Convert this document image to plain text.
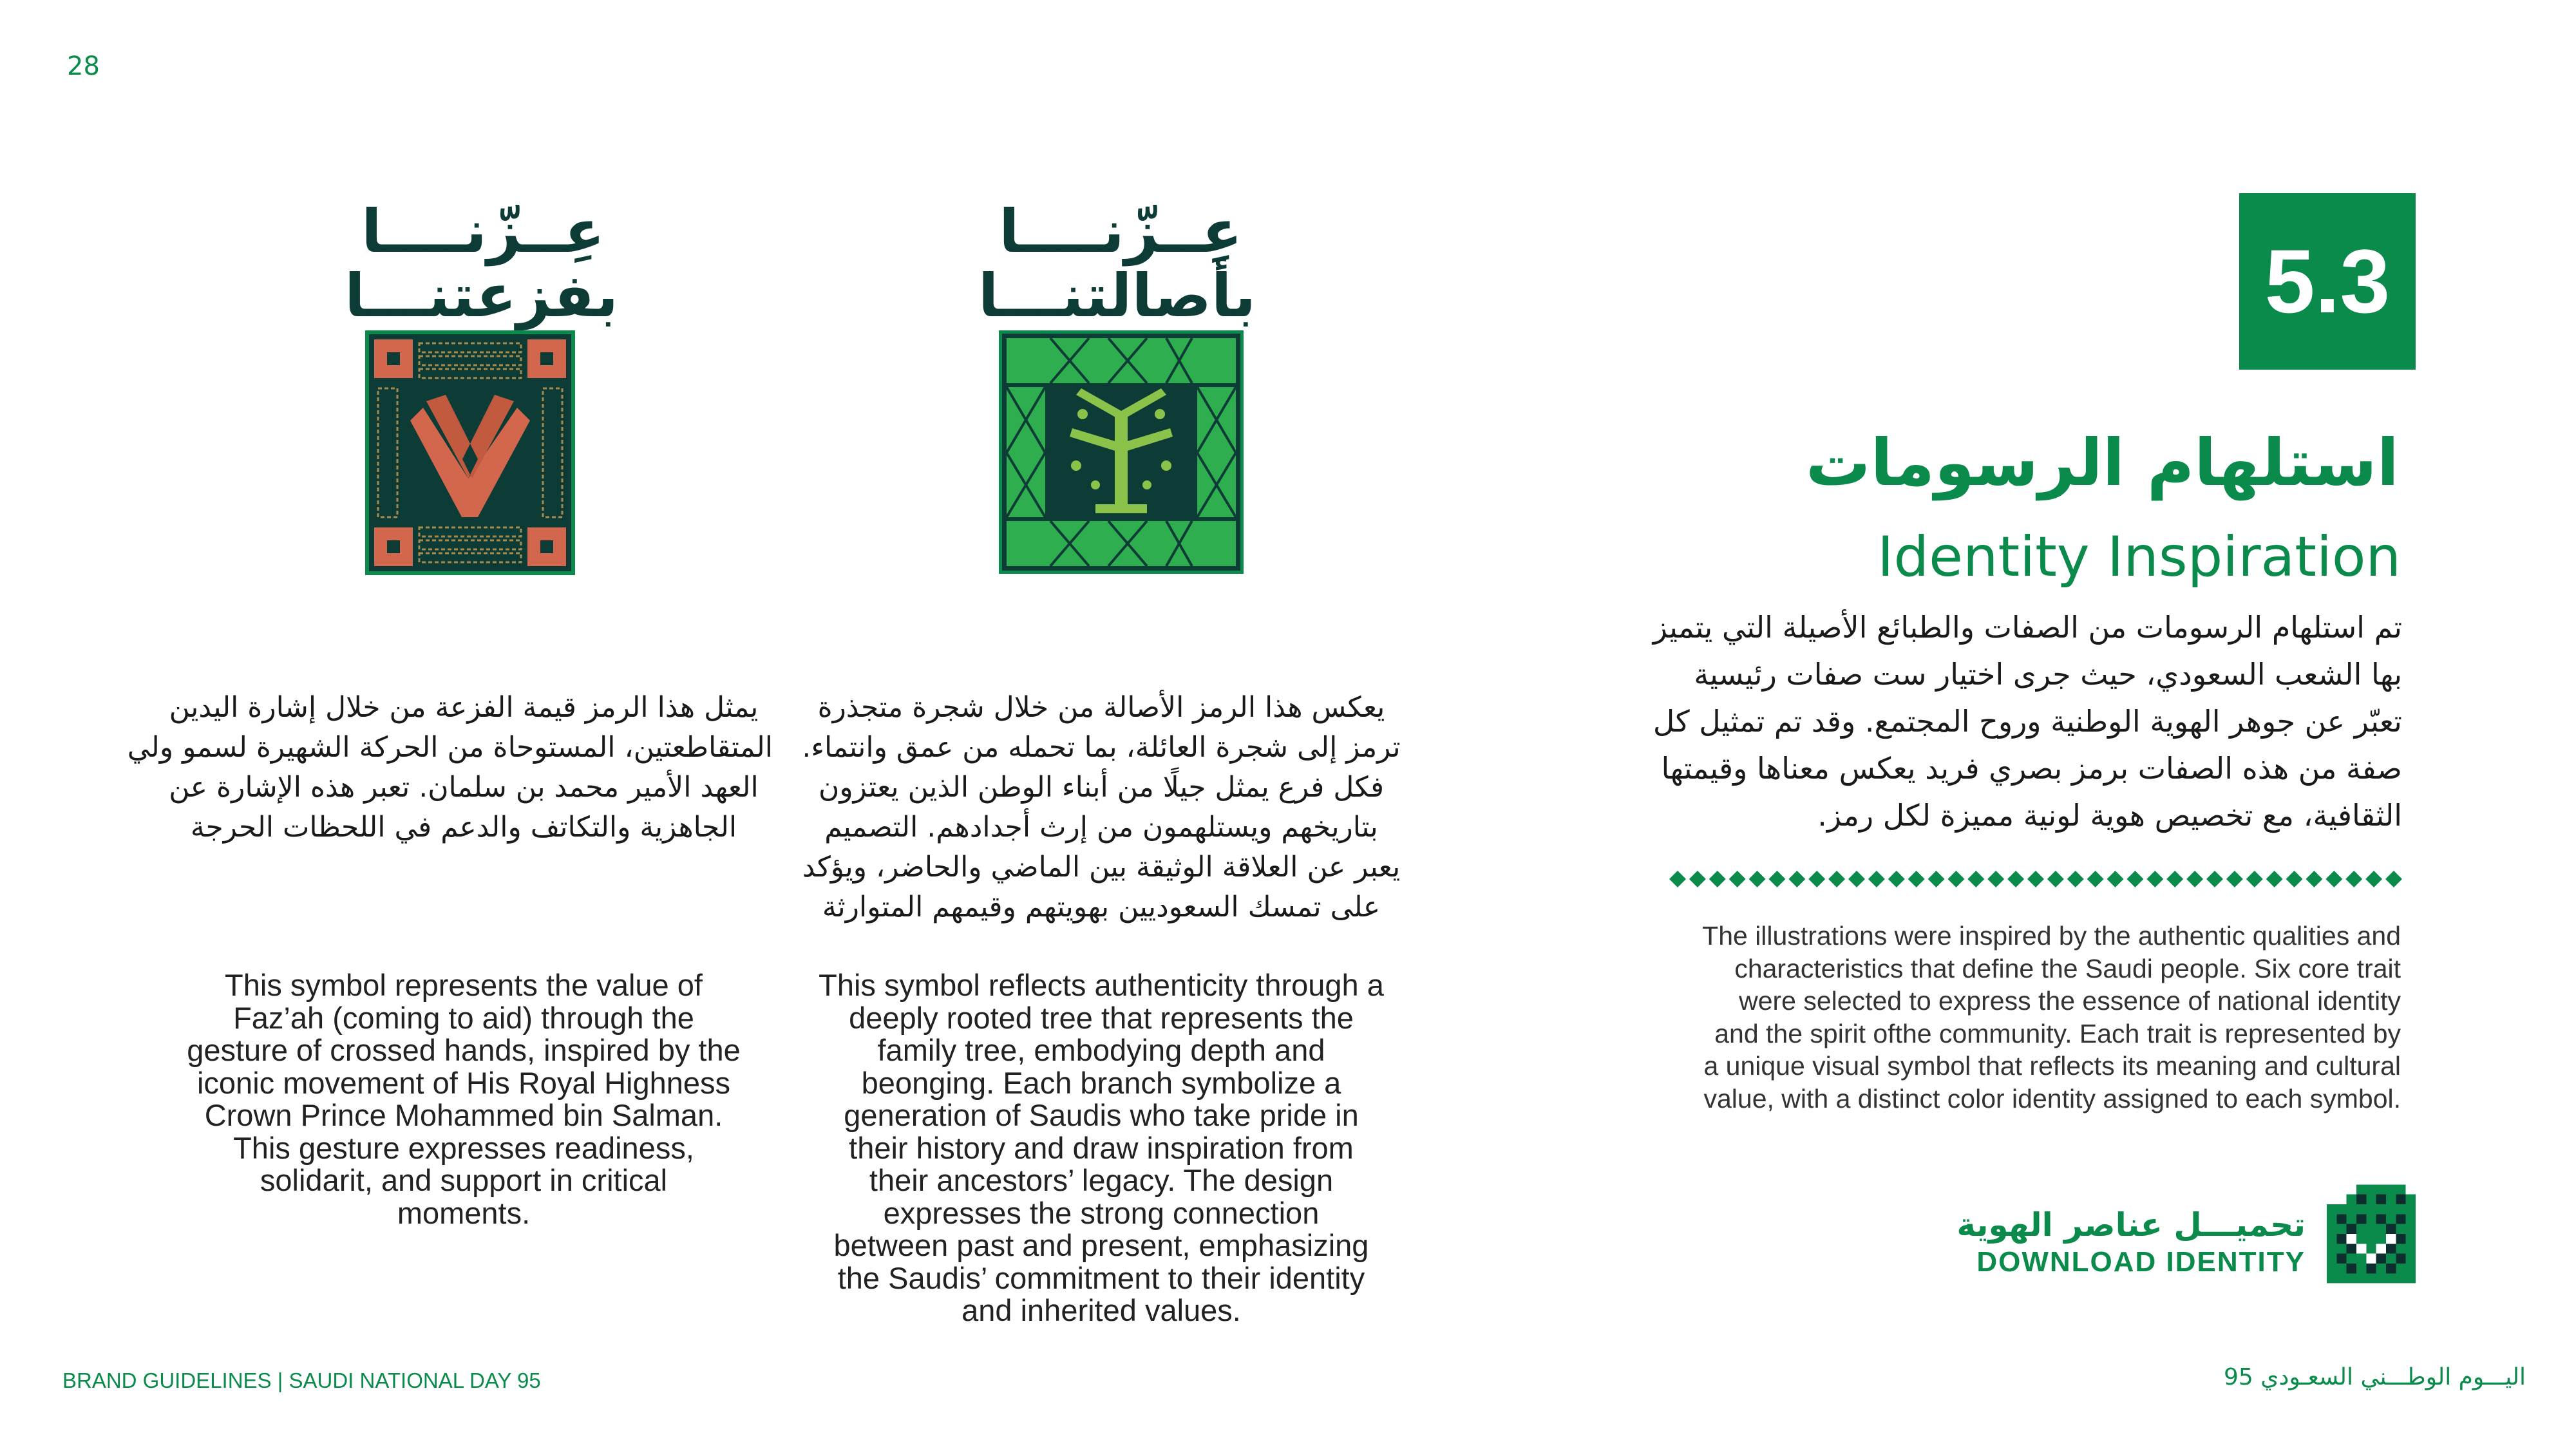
28
عِــزّنــــا
بفزعتنـــا
يمثل هذا الرمز قيمة الفزعة من خلال إشارة اليدين
المتقاطعتين، المستوحاة من الحركة الشهيرة لسمو ولي
العهد الأمير محمد بن سلمان. تعبر هذه الإشارة عن
الجاهزية والتكاتف والدعم في اللحظات الحرجة
This symbol represents the value of
Faz’ah (coming to aid) through the
gesture of crossed hands, inspired by the
iconic movement of His Royal Highness
Crown Prince Mohammed bin Salman.
This gesture expresses readiness,
solidarit, and support in critical
moments.
عِــزّنــــا
بأصالتنـــا
يعكس هذا الرمز الأصالة من خلال شجرة متجذرة
ترمز إلى شجرة العائلة، بما تحمله من عمق وانتماء.
فكل فرع يمثل جيلًا من أبناء الوطن الذين يعتزون
بتاريخهم ويستلهمون من إرث أجدادهم. التصميم
يعبر عن العلاقة الوثيقة بين الماضي والحاضر، ويؤكد
على تمسك السعوديين بهويتهم وقيمهم المتوارثة
This symbol reflects authenticity through a
deeply rooted tree that represents the
family tree, embodying depth and
beonging. Each branch symbolize a
generation of Saudis who take pride in
their history and draw inspiration from
their ancestors’ legacy. The design
expresses the strong connection
between past and present, emphasizing
the Saudis’ commitment to their identity
and inherited values.
5.3
استلهام الرسومات
Identity Inspiration
تم استلهام الرسومات من الصفات والطبائع الأصيلة التي يتميز
بها الشعب السعودي، حيث جرى اختيار ست صفات رئيسية
تعبّر عن جوهر الهوية الوطنية وروح المجتمع. وقد تم تمثيل كل
صفة من هذه الصفات برمز بصري فريد يعكس معناها وقيمتها
الثقافية، مع تخصيص هوية لونية مميزة لكل رمز.
The illustrations were inspired by the authentic qualities and
characteristics that define the Saudi people. Six core trait
were selected to express the essence of national identity
and the spirit ofthe community. Each trait is represented by
a unique visual symbol that reflects its meaning and cultural
value, with a distinct color identity assigned to each symbol.
تحميـــل عناصر الهوية
DOWNLOAD IDENTITY
BRAND GUIDELINES | SAUDI NATIONAL DAY 95	اليـــوم الوطـــني السعـودي 95
